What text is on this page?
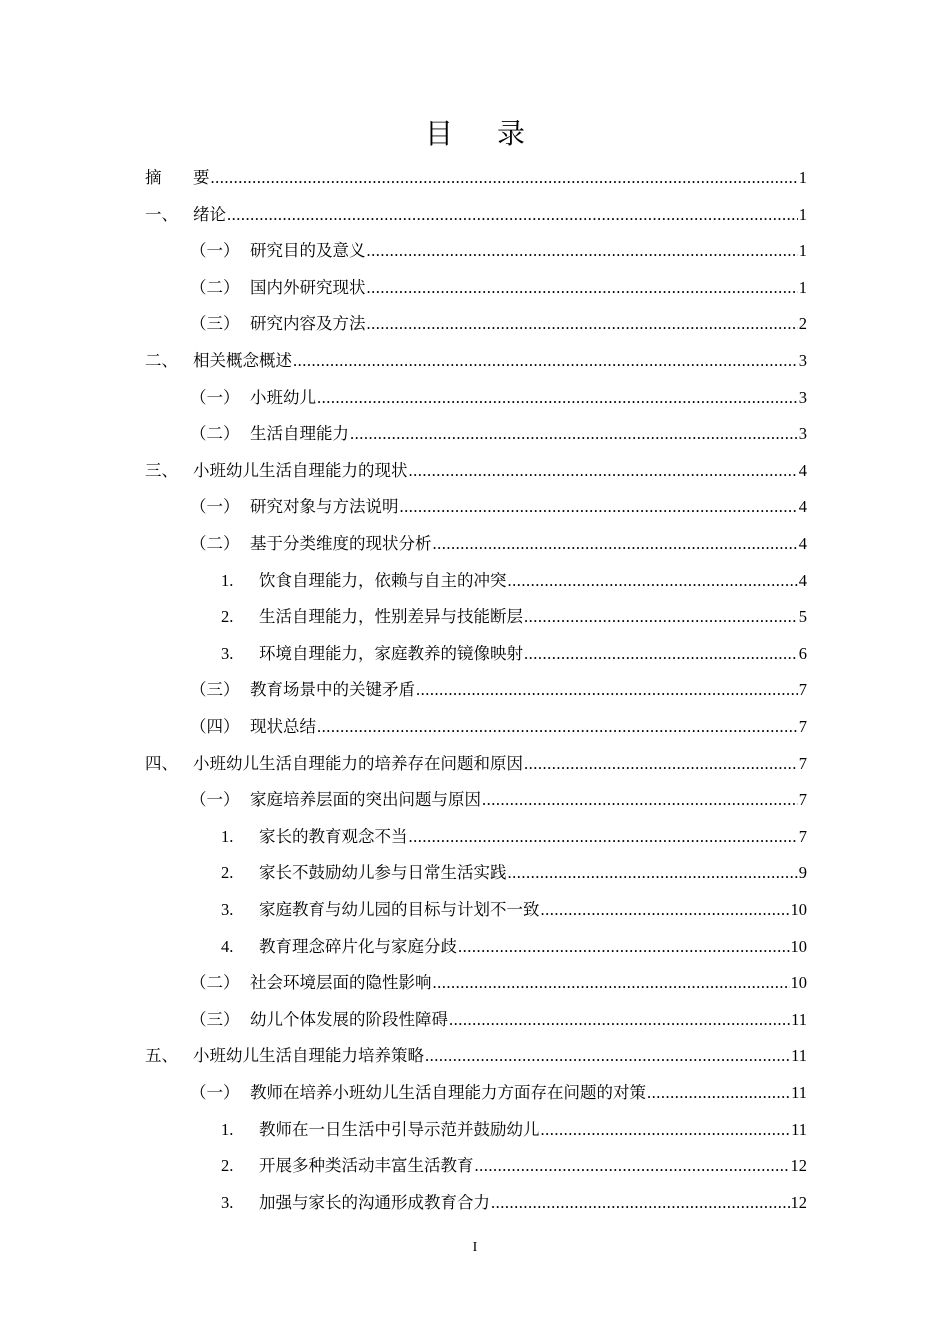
目 录
摘	要 .....	1
一、 绪论 .....	1
（一） 研究目的及意义 .....	1
（二） 国内外研究现状 .....	1
（三） 研究内容及方法 .....	2
二、 相关概念概述 .....	3
（一） 小班幼儿 .....	3
（二） 生活自理能力 .....	3
三、 小班幼儿生活自理能力的现状 .....	4
（一） 研究对象与方法说明 .....	4
（二） 基于分类维度的现状分析 .....	4
1.	饮食自理能力，依赖与自主的冲突 .....	4
2.	生活自理能力，性别差异与技能断层 .....	5
3.	环境自理能力，家庭教养的镜像映射 .....	6
（三） 教育场景中的关键矛盾 .....	7
（四） 现状总结 .....	7
四、 小班幼儿生活自理能力的培养存在问题和原因 .....	7
（一） 家庭培养层面的突出问题与原因 .....	7
1.	家长的教育观念不当 .....	7
2.	家长不鼓励幼儿参与日常生活实践 .....	9
3.	家庭教育与幼儿园的目标与计划不一致 .....	10
4.	教育理念碎片化与家庭分歧 .....	10
（二） 社会环境层面的隐性影响 .....	10
（三） 幼儿个体发展的阶段性障碍 .....	11
五、 小班幼儿生活自理能力培养策略 .....	11
（一） 教师在培养小班幼儿生活自理能力方面存在问题的对策 .....	11
1.	教师在一日生活中引导示范并鼓励幼儿 .....	11
2.	开展多种类活动丰富生活教育 .....	12
3.	加强与家长的沟通形成教育合力 .....	12
I
